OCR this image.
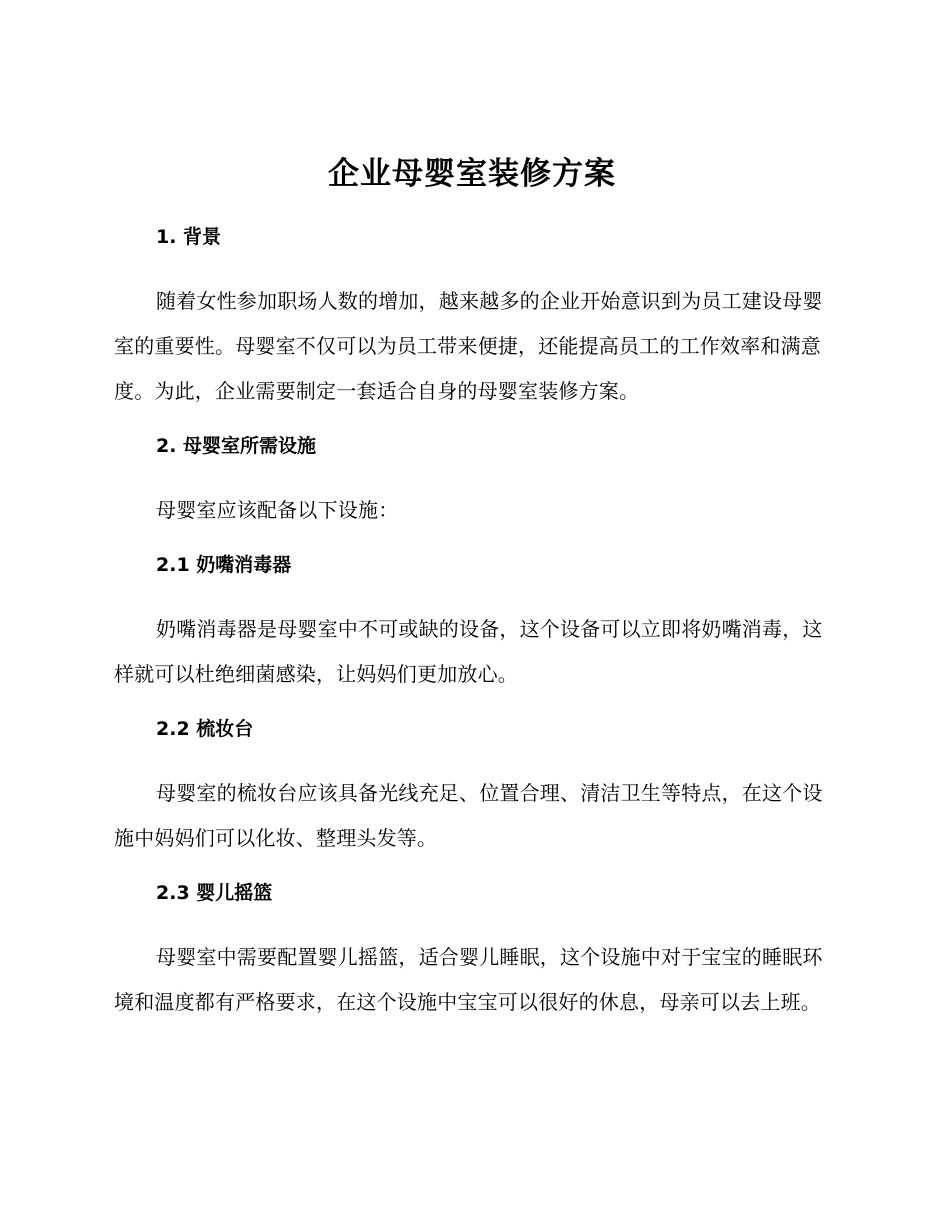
企业母婴室装修方案
1. 背景

随着女性参加职场人数的增加，越来越多的企业开始意识到为员工建设母婴室的重要性。母婴室不仅可以为员工带来便捷，还能提高员工的工作效率和满意度。为此，企业需要制定一套适合自身的母婴室装修方案。

2. 母婴室所需设施

母婴室应该配备以下设施：

2.1 奶嘴消毒器

奶嘴消毒器是母婴室中不可或缺的设备，这个设备可以立即将奶嘴消毒，这样就可以杜绝细菌感染，让妈妈们更加放心。

2.2 梳妆台

母婴室的梳妆台应该具备光线充足、位置合理、清洁卫生等特点，在这个设施中妈妈们可以化妆、整理头发等。

2.3 婴儿摇篮

母婴室中需要配置婴儿摇篮，适合婴儿睡眠，这个设施中对于宝宝的睡眠环境和温度都有严格要求，在这个设施中宝宝可以很好的休息，母亲可以去上班。
